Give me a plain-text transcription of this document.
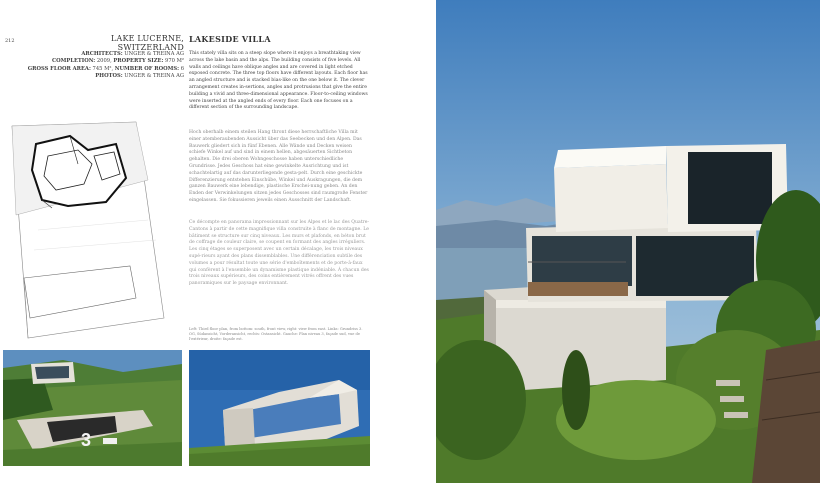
212	LAKE LUCERNE, SWITZERLAND
LAKESIDE VILLA
ARCHITECTS: UNGER & TREINA AG
COMPLETION: 2009, PROPERTY SIZE: 970 M²
GROSS FLOOR AREA: 745 M², NUMBER OF ROOMS: 6
PHOTOS: UNGER & TREINA AG
This stately villa sits on a steep slope where it enjoys a breathtaking view across the lake basin and the alps. The building consists of five levels. All walls and ceilings have oblique angles and are covered in light etched exposed concrete. The three top floors have different layouts. Each floor has an angled structure and is stacked bias-like on the one below it. The clever arrangement creates in-sertions, angles and protrusions that give the entire building a vivid and three-dimensional appearance. Floor-to-ceiling windows were inserted at the angled ends of every floor. Each one focuses on a different section of the surrounding landscape.
Hoch oberhalb einem steilen Hang thront diese herrschaftliche Villa mit einer atemberaubenden Aussicht über das Seebecken und den Alpen. Das Bauwerk gliedert sich in fünf Ebenen. Alle Wände und Decken weisen schiefe Winkel auf und sind in einem hellen, abgesäuerten Sichtbeton gehalten. Die drei oberen Wohngeschosse haben unterschiedliche Grundrisse. Jedes Geschoss hat eine gewinkelte Ausrichtung und ist schachtelartig auf das darunterliegende gesta-pelt. Durch eine geschickte Differenzierung entstehen Einschübe, Winkel und Auskragungen, die dem ganzen Bauwerk eine lebendige, plastische Erschei-nung geben. An den Enden der Verwinkelungen sitzen jedes Geschosses sind raumgroße Fenster eingelassen. Sie fokussieren jeweils einen Ausschnitt der Landschaft.
Ce décompte en panorama impressionnant sur les Alpes et le lac des Quatre-Cantons à partir de cette magnifique villa construite à flanc de montagne. Le bâtiment se structure sur cinq niveaux. Les murs et plafonds, en béton brut de coffrage de couleur claire, se coupent en formant des angles irréguliers. Les cinq étages se superposent avec un certain décalage, les trois niveaux supé-rieurs ayant des plans dissemblables. Une différenciation subtile des volumes a pour résultat toute une série d'emboîtements et de porte-à-faux qui confèrent à l'ensemble un dynamisme plastique indéniable. À chacun des trois niveaux supérieurs, des coins entièrement vitrés offrent des vues panoramiques sur le paysage environnant.
Left: Third floor plan, from bottom: south, front view, right: view from east. Links: Grundriss 3. OG, Südansicht, Vorderansicht, rechts: Ostansicht. Gauche: Plan niveau 3, façade sud, vue de l'extérieur, droite: façade est.
3
